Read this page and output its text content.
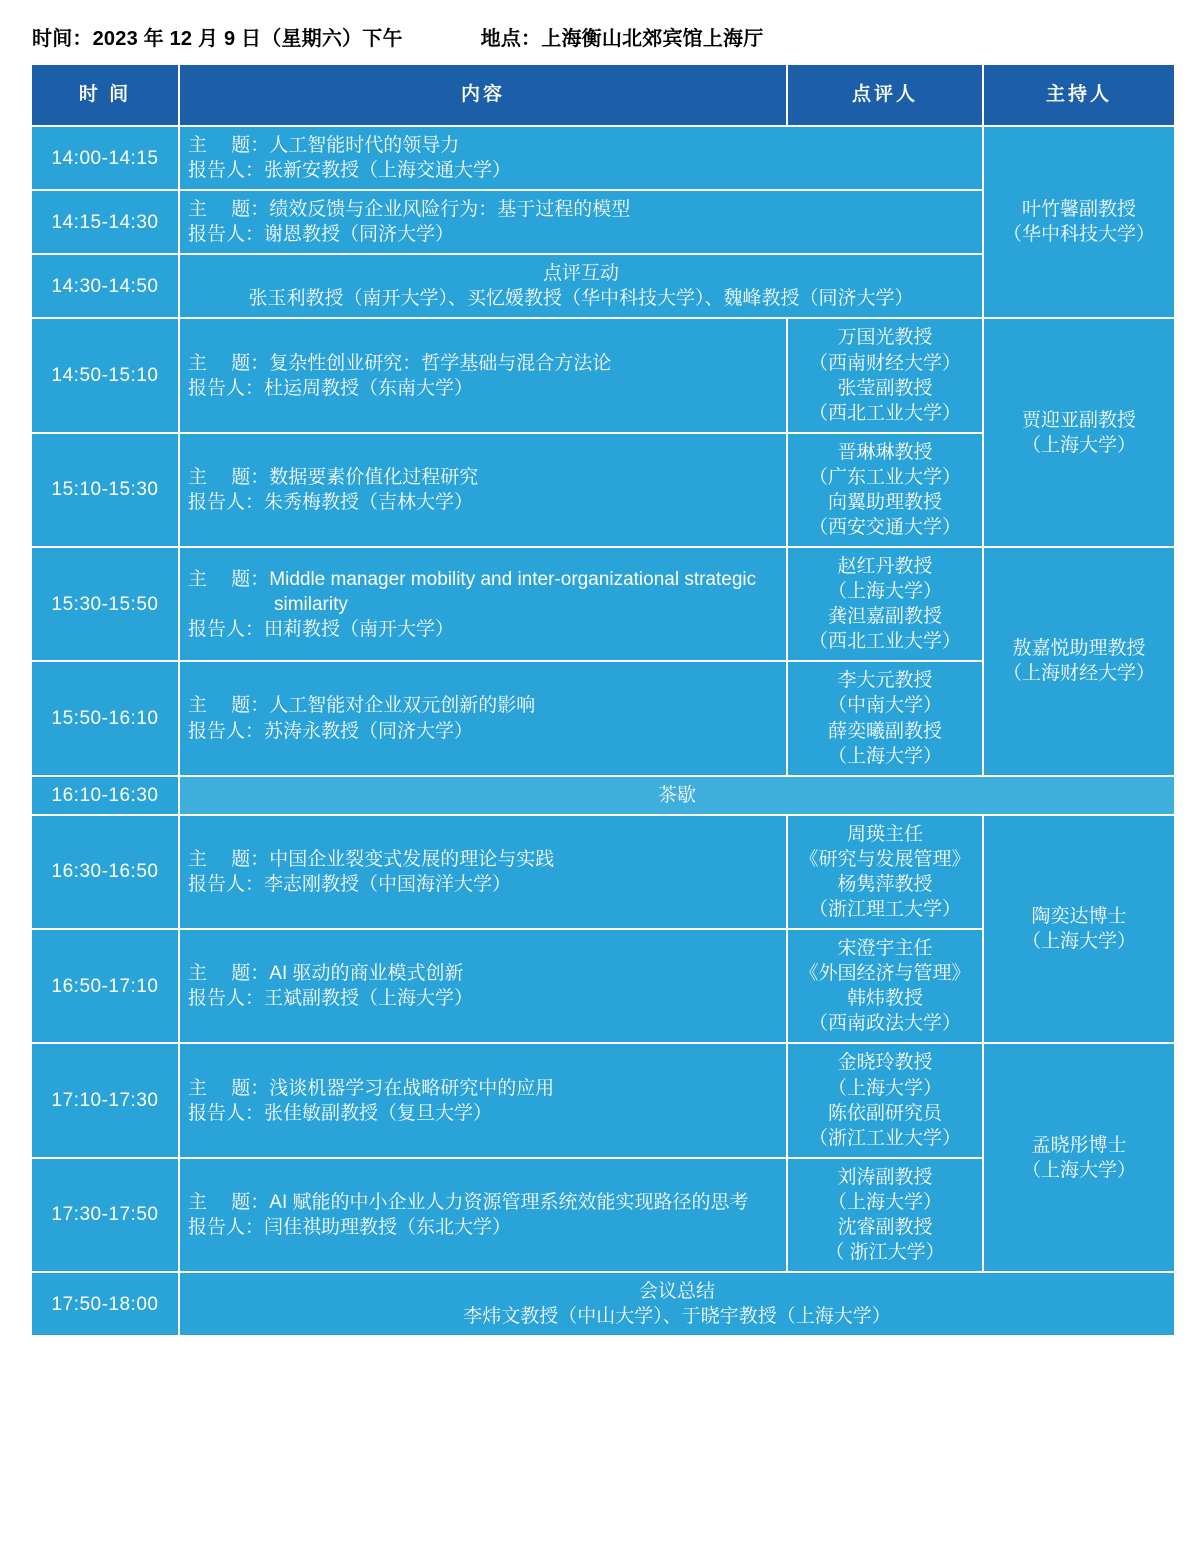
时间：2023 年 12 月 9 日（星期六）下午	地点：上海衡山北郊宾馆上海厅
时 间	内容	点评人	主持人
14:00-14:15	主　 题：人工智能时代的领导力
报告人：张新安教授（上海交通大学）		叶竹馨副教授
（华中科技大学）

14:15-14:30	主　 题：绩效反馈与企业风险行为：基于过程的模型
报告人：谢恩教授（同济大学）		

14:30-14:50	点评互动
张玉利教授（南开大学）、买忆媛教授（华中科技大学）、魏峰教授（同济大学）		

14:50-15:10	主　 题：复杂性创业研究：哲学基础与混合方法论
报告人：杜运周教授（东南大学）	万国光教授
（西南财经大学）
张莹副教授
（西北工业大学）	贾迎亚副教授
（上海大学）

15:10-15:30	主　 题：数据要素价值化过程研究
报告人：朱秀梅教授（吉林大学）	晋琳琳教授
（广东工业大学）
向翼助理教授
（西安交通大学）	

15:30-15:50	主　 题：Middle manager mobility and inter-organizational strategic similarity
报告人：田莉教授（南开大学）	赵红丹教授
（上海大学）
龚泹嘉副教授
（西北工业大学）	敖嘉悦助理教授
（上海财经大学）

15:50-16:10	主　 题：人工智能对企业双元创新的影响
报告人：苏涛永教授（同济大学）	李大元教授
（中南大学）
薛奕曦副教授
（上海大学）	

16:10-16:30	茶歇		
16:30-16:50	主　 题：中国企业裂变式发展的理论与实践
报告人：李志刚教授（中国海洋大学）	周瑛主任
《研究与发展管理》
杨隽萍教授
（浙江理工大学）	陶奕达博士
（上海大学）

16:50-17:10	主　 题：AI 驱动的商业模式创新
报告人：王斌副教授（上海大学）	宋澄宇主任
《外国经济与管理》
韩炜教授
（西南政法大学）	

17:10-17:30	主　 题：浅谈机器学习在战略研究中的应用
报告人：张佳敏副教授（复旦大学）	金晓玲教授
（上海大学）
陈依副研究员
（浙江工业大学）	孟晓彤博士
（上海大学）

17:30-17:50	主　 题：AI 赋能的中小企业人力资源管理系统效能实现路径的思考
报告人：闫佳祺助理教授（东北大学）	刘涛副教授
（上海大学）
沈睿副教授
（ 浙江大学）	

17:50-18:00	会议总结
李炜文教授（中山大学）、于晓宇教授（上海大学）		
